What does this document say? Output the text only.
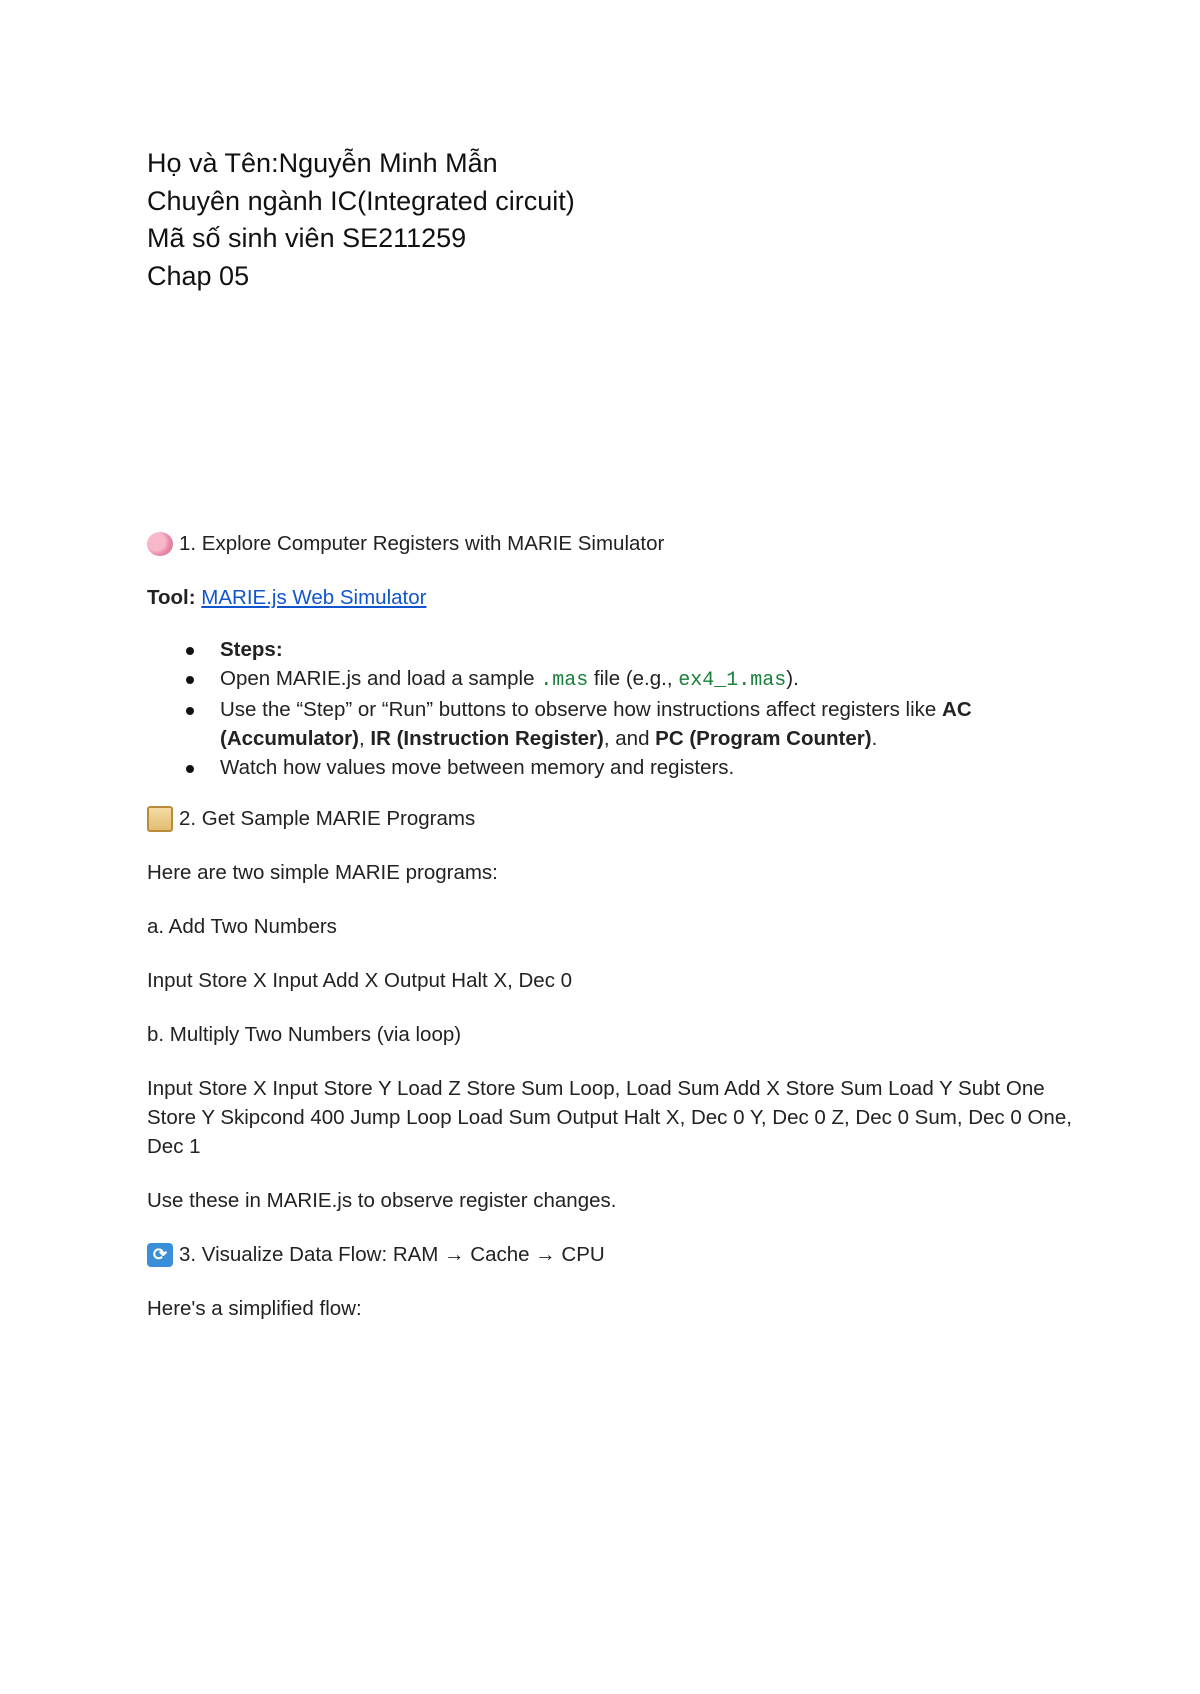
Họ và Tên:Nguyễn Minh Mẫn
Chuyên ngành IC(Integrated circuit)
Mã số sinh viên SE211259
Chap 05
1. Explore Computer Registers with MARIE Simulator
Tool: MARIE.js Web Simulator
Steps:
Open MARIE.js and load a sample .mas file (e.g., ex4_1.mas).
Use the “Step” or “Run” buttons to observe how instructions affect registers like AC (Accumulator), IR (Instruction Register), and PC (Program Counter).
Watch how values move between memory and registers.
2. Get Sample MARIE Programs
Here are two simple MARIE programs:
a. Add Two Numbers
Input Store X Input Add X Output Halt X, Dec 0
b. Multiply Two Numbers (via loop)
Input Store X Input Store Y Load Z Store Sum Loop, Load Sum Add X Store Sum Load Y Subt One Store Y Skipcond 400 Jump Loop Load Sum Output Halt X, Dec 0 Y, Dec 0 Z, Dec 0 Sum, Dec 0 One, Dec 1
Use these in MARIE.js to observe register changes.
⟳ 3. Visualize Data Flow: RAM → Cache → CPU
Here's a simplified flow:
